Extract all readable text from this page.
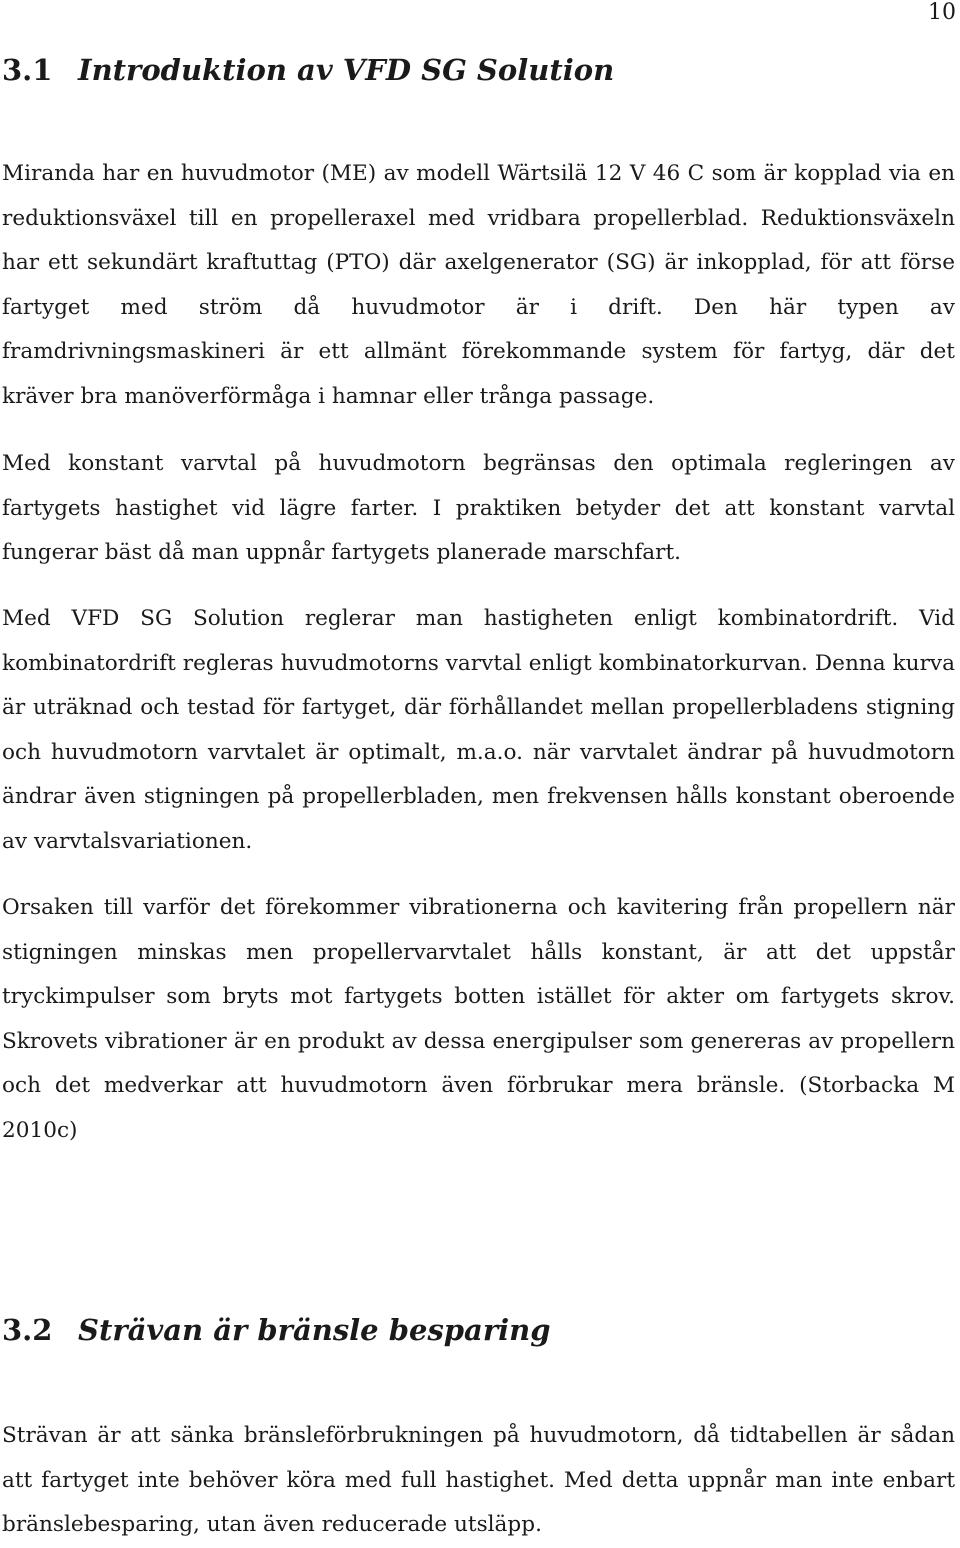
10
3.1 Introduktion av VFD SG Solution

Miranda har en huvudmotor (ME) av modell Wärtsilä 12 V 46 C som är kopplad via en reduktionsväxel till en propelleraxel med vridbara propellerblad. Reduktionsväxeln har ett sekundärt kraftuttag (PTO) där axelgenerator (SG) är inkopplad, för att förse fartyget med ström då huvudmotor är i drift. Den här typen av framdrivningsmaskineri är ett allmänt förekommande system för fartyg, där det kräver bra manöverförmåga i hamnar eller trånga passage.

Med konstant varvtal på huvudmotorn begränsas den optimala regleringen av fartygets hastighet vid lägre farter. I praktiken betyder det att konstant varvtal fungerar bäst då man uppnår fartygets planerade marschfart.

Med VFD SG Solution reglerar man hastigheten enligt kombinatordrift. Vid kombinatordrift regleras huvudmotorns varvtal enligt kombinatorkurvan. Denna kurva är uträknad och testad för fartyget, där förhållandet mellan propellerbladens stigning och huvudmotorn varvtalet är optimalt, m.a.o. när varvtalet ändrar på huvudmotorn ändrar även stigningen på propellerbladen, men frekvensen hålls konstant oberoende av varvtalsvariationen.

Orsaken till varför det förekommer vibrationerna och kavitering från propellern när stigningen minskas men propellervarvtalet hålls konstant, är att det uppstår tryckimpulser som bryts mot fartygets botten istället för akter om fartygets skrov. Skrovets vibrationer är en produkt av dessa energipulser som genereras av propellern och det medverkar att huvudmotorn även förbrukar mera bränsle. (Storbacka M 2010c)

3.2 Strävan är bränsle besparing

Strävan är att sänka bränsleförbrukningen på huvudmotorn, då tidtabellen är sådan att fartyget inte behöver köra med full hastighet. Med detta uppnår man inte enbart bränslebesparing, utan även reducerade utsläpp.
